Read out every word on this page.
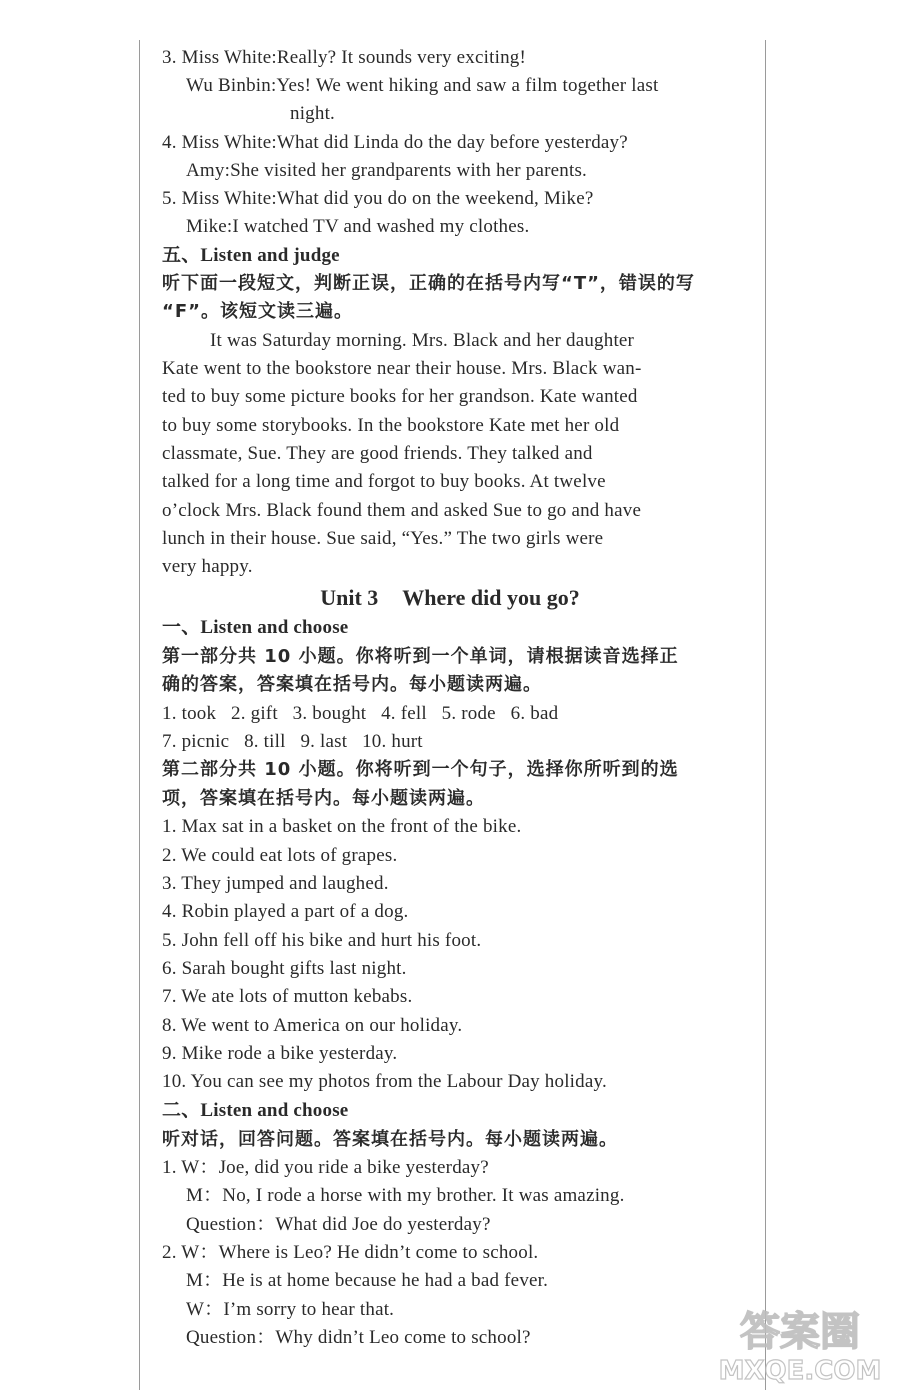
3. Miss White:Really? It sounds very exciting!
Wu Binbin:Yes! We went hiking and saw a film together last
night.
4. Miss White:What did Linda do the day before yesterday?
Amy:She visited her grandparents with her parents.
5. Miss White:What did you do on the weekend, Mike?
Mike:I watched TV and washed my clothes.
五、Listen and judge
听下面一段短文，判断正误，正确的在括号内写“T”，错误的写
“F”。该短文读三遍。
It was Saturday morning. Mrs. Black and her daughter
Kate went to the bookstore near their house. Mrs. Black wan-
ted to buy some picture books for her grandson. Kate wanted
to buy some storybooks. In the bookstore Kate met her old
classmate, Sue. They are good friends. They talked and
talked for a long time and forgot to buy books. At twelve
o’clock Mrs. Black found them and asked Sue to go and have
lunch in their house. Sue said, “Yes.” The two girls were
very happy.
Unit 3 Where did you go?
一、Listen and choose
第一部分共 10 小题。你将听到一个单词，请根据读音选择正
确的答案，答案填在括号内。每小题读两遍。
1. took   2. gift   3. bought   4. fell   5. rode   6. bad
7. picnic   8. till   9. last   10. hurt
第二部分共 10 小题。你将听到一个句子，选择你所听到的选
项，答案填在括号内。每小题读两遍。
1. Max sat in a basket on the front of the bike.
2. We could eat lots of grapes.
3. They jumped and laughed.
4. Robin played a part of a dog.
5. John fell off his bike and hurt his foot.
6. Sarah bought gifts last night.
7. We ate lots of mutton kebabs.
8. We went to America on our holiday.
9. Mike rode a bike yesterday.
10. You can see my photos from the Labour Day holiday.
二、Listen and choose
听对话，回答问题。答案填在括号内。每小题读两遍。
1. W：Joe, did you ride a bike yesterday?
M：No, I rode a horse with my brother. It was amazing.
Question：What did Joe do yesterday?
2. W：Where is Leo? He didn’t come to school.
M：He is at home because he had a bad fever.
W：I’m sorry to hear that.
Question：Why didn’t Leo come to school?	答案圈
MXQE.COM
